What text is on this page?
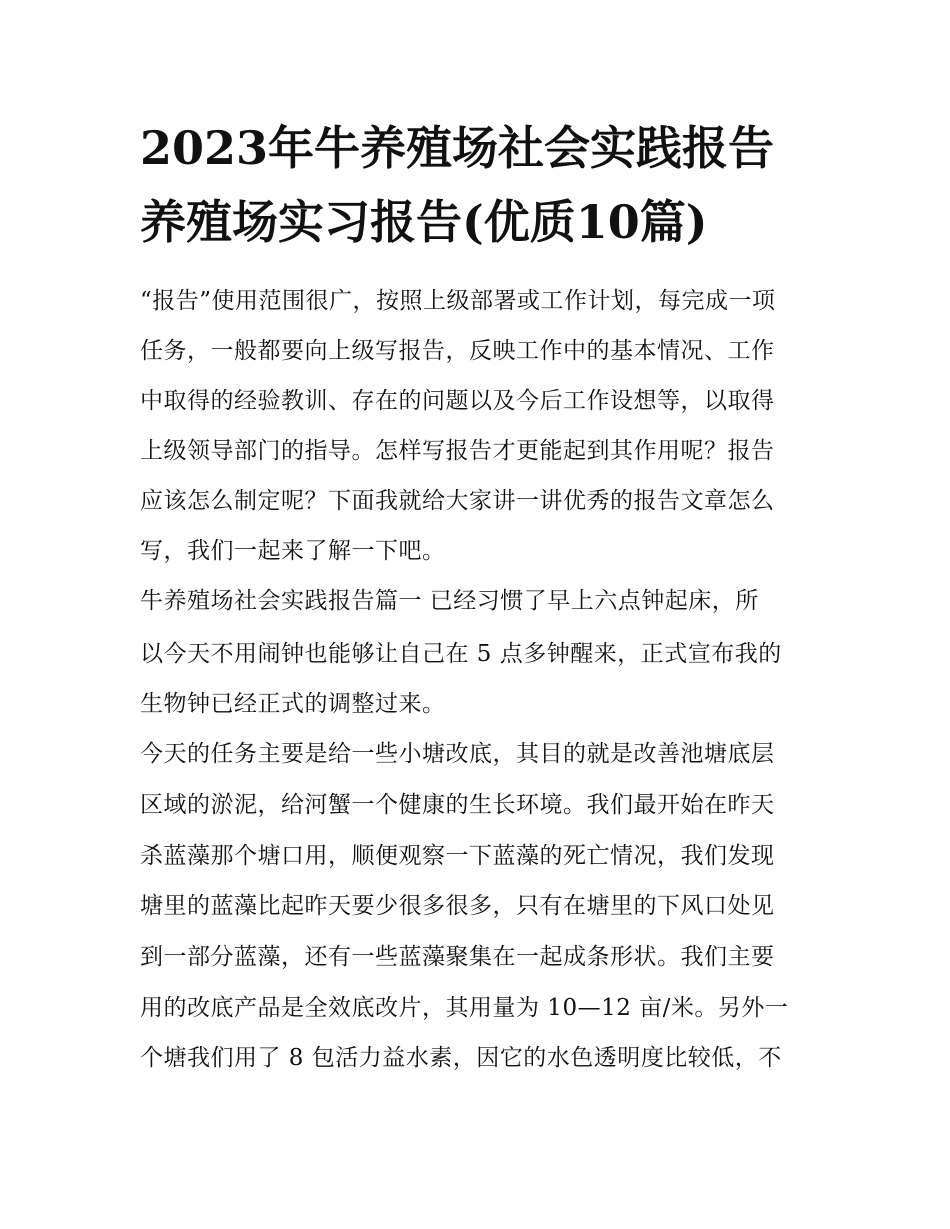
2023年牛养殖场社会实践报告
养殖场实习报告(优质10篇)

“报告”使用范围很广，按照上级部署或工作计划，每完成一项

任务，一般都要向上级写报告，反映工作中的基本情况、工作

中取得的经验教训、存在的问题以及今后工作设想等，以取得

上级领导部门的指导。怎样写报告才更能起到其作用呢？报告

应该怎么制定呢？下面我就给大家讲一讲优秀的报告文章怎么

写，我们一起来了解一下吧。

牛养殖场社会实践报告篇一 已经习惯了早上六点钟起床，所

以今天不用闹钟也能够让自己在 5 点多钟醒来，正式宣布我的

生物钟已经正式的调整过来。

今天的任务主要是给一些小塘改底，其目的就是改善池塘底层

区域的淤泥，给河蟹一个健康的生长环境。我们最开始在昨天

杀蓝藻那个塘口用，顺便观察一下蓝藻的死亡情况，我们发现

塘里的蓝藻比起昨天要少很多很多，只有在塘里的下风口处见

到一部分蓝藻，还有一些蓝藻聚集在一起成条形状。我们主要

用的改底产品是全效底改片，其用量为 10—12 亩/米。另外一

个塘我们用了 8 包活力益水素，因它的水色透明度比较低，不
